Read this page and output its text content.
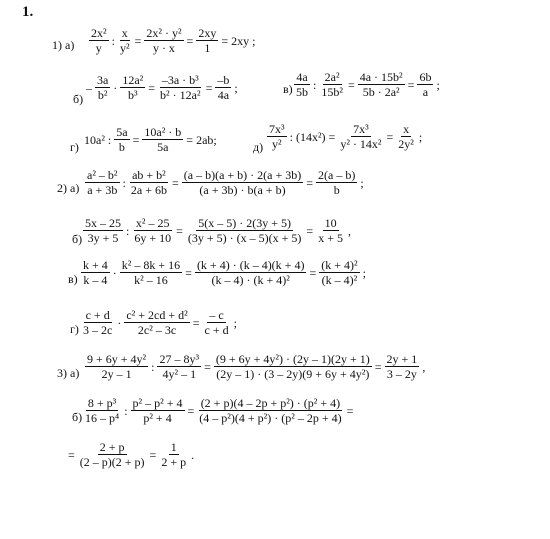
1.
1) $а) \frac{\text{2x²}}{y}$ : $\frac{x}{\text{y²}} = \frac{\text{2x² · y²}}{y \cdot x} = \frac{2xy}{1} = 2xy$ ;
б)
– $\frac{3a}{\text{b²}} \cdot \frac{\text{12a²}}{\text{b³}} = \frac{\text{–3a · b³}}{\text{b² · 12a²}} = \frac{-b}{4a}$ ;	$в) \frac{4a}{5b}$ : $\frac{\text{2a²}}{\text{15b²}} = \frac{\text{4a · 15b²}}{\text{5b · 2a²}} = \frac{6b}{a}$ ;
г)
10a² : $\frac{5a}{b} = \frac{\text{10a² · b}}{5a} = 2ab$;
$д) \frac{\text{7x³}}{\text{y²}}$ : $(14x^2) = \frac{\text{7x³}}{\text{y² · 14x²}} = \frac{x}{\text{2y²}}$ ;
2) $а) \frac{\text{a² – b²}}{a + 3b}$ : $\frac{\text{ab + b²}}{2a + 6b} = \frac{(a - b)(a + b) \cdot 2(a + 3b)}{(a + 3b) \cdot b(a + b)} = \frac{2(a - b)}{b}$ ;
$б) \frac{5x - 25}{3y + 5}$ : $\frac{\text{x² – 25}}{6y + 10} = \frac{5(x - 5) \cdot 2(3y + 5)}{(3y + 5) \cdot (x - 5)(x + 5)} = \frac{10}{x + 5}$ ,
$в) \frac{k + 4}{k - 4} \cdot \frac{\text{k² – 8k + 16}}{\text{k² – 16}} = \frac{(k + 4) \cdot (k - 4)(k + 4)}{\text{(k – 4) · (k + 4)²}} = \frac{\text{(k + 4)²}}{\text{(k – 4)²}}$ ;
$г) \frac{c + d}{3 - 2c} \cdot \frac{\text{c² + 2cd + d²}}{\text{2c² – 3c}} = \frac{- c}{c + d}$ ;
3) $а) \frac{\text{9 + 6y + 4y²}}{2y - 1}$ : $\frac{\text{27 – 8y³}}{\text{4y² – 1}} = \frac{\text{(9 + 6y + 4y²) · (2y – 1)(2y + 1)}}{\text{(2y – 1) · (3 – 2y)(9 + 6y + 4y²)}} = \frac{2y + 1}{3 - 2y}$ ,
$б) \frac{\text{8 + p³}}{\text{16 – p⁴}}$ : $\frac{\text{p² – p² + 4}}{\text{p² + 4}} = \frac{\text{(2 + p)(4 – 2p + p²) · (p² + 4)}}{\text{(4 – p²)(4 + p²) · (p² – 2p + 4)}}$ =
= $\frac{2 + p}{(2 - p)(2 + p)} = \frac{1}{2 + p}$ .
